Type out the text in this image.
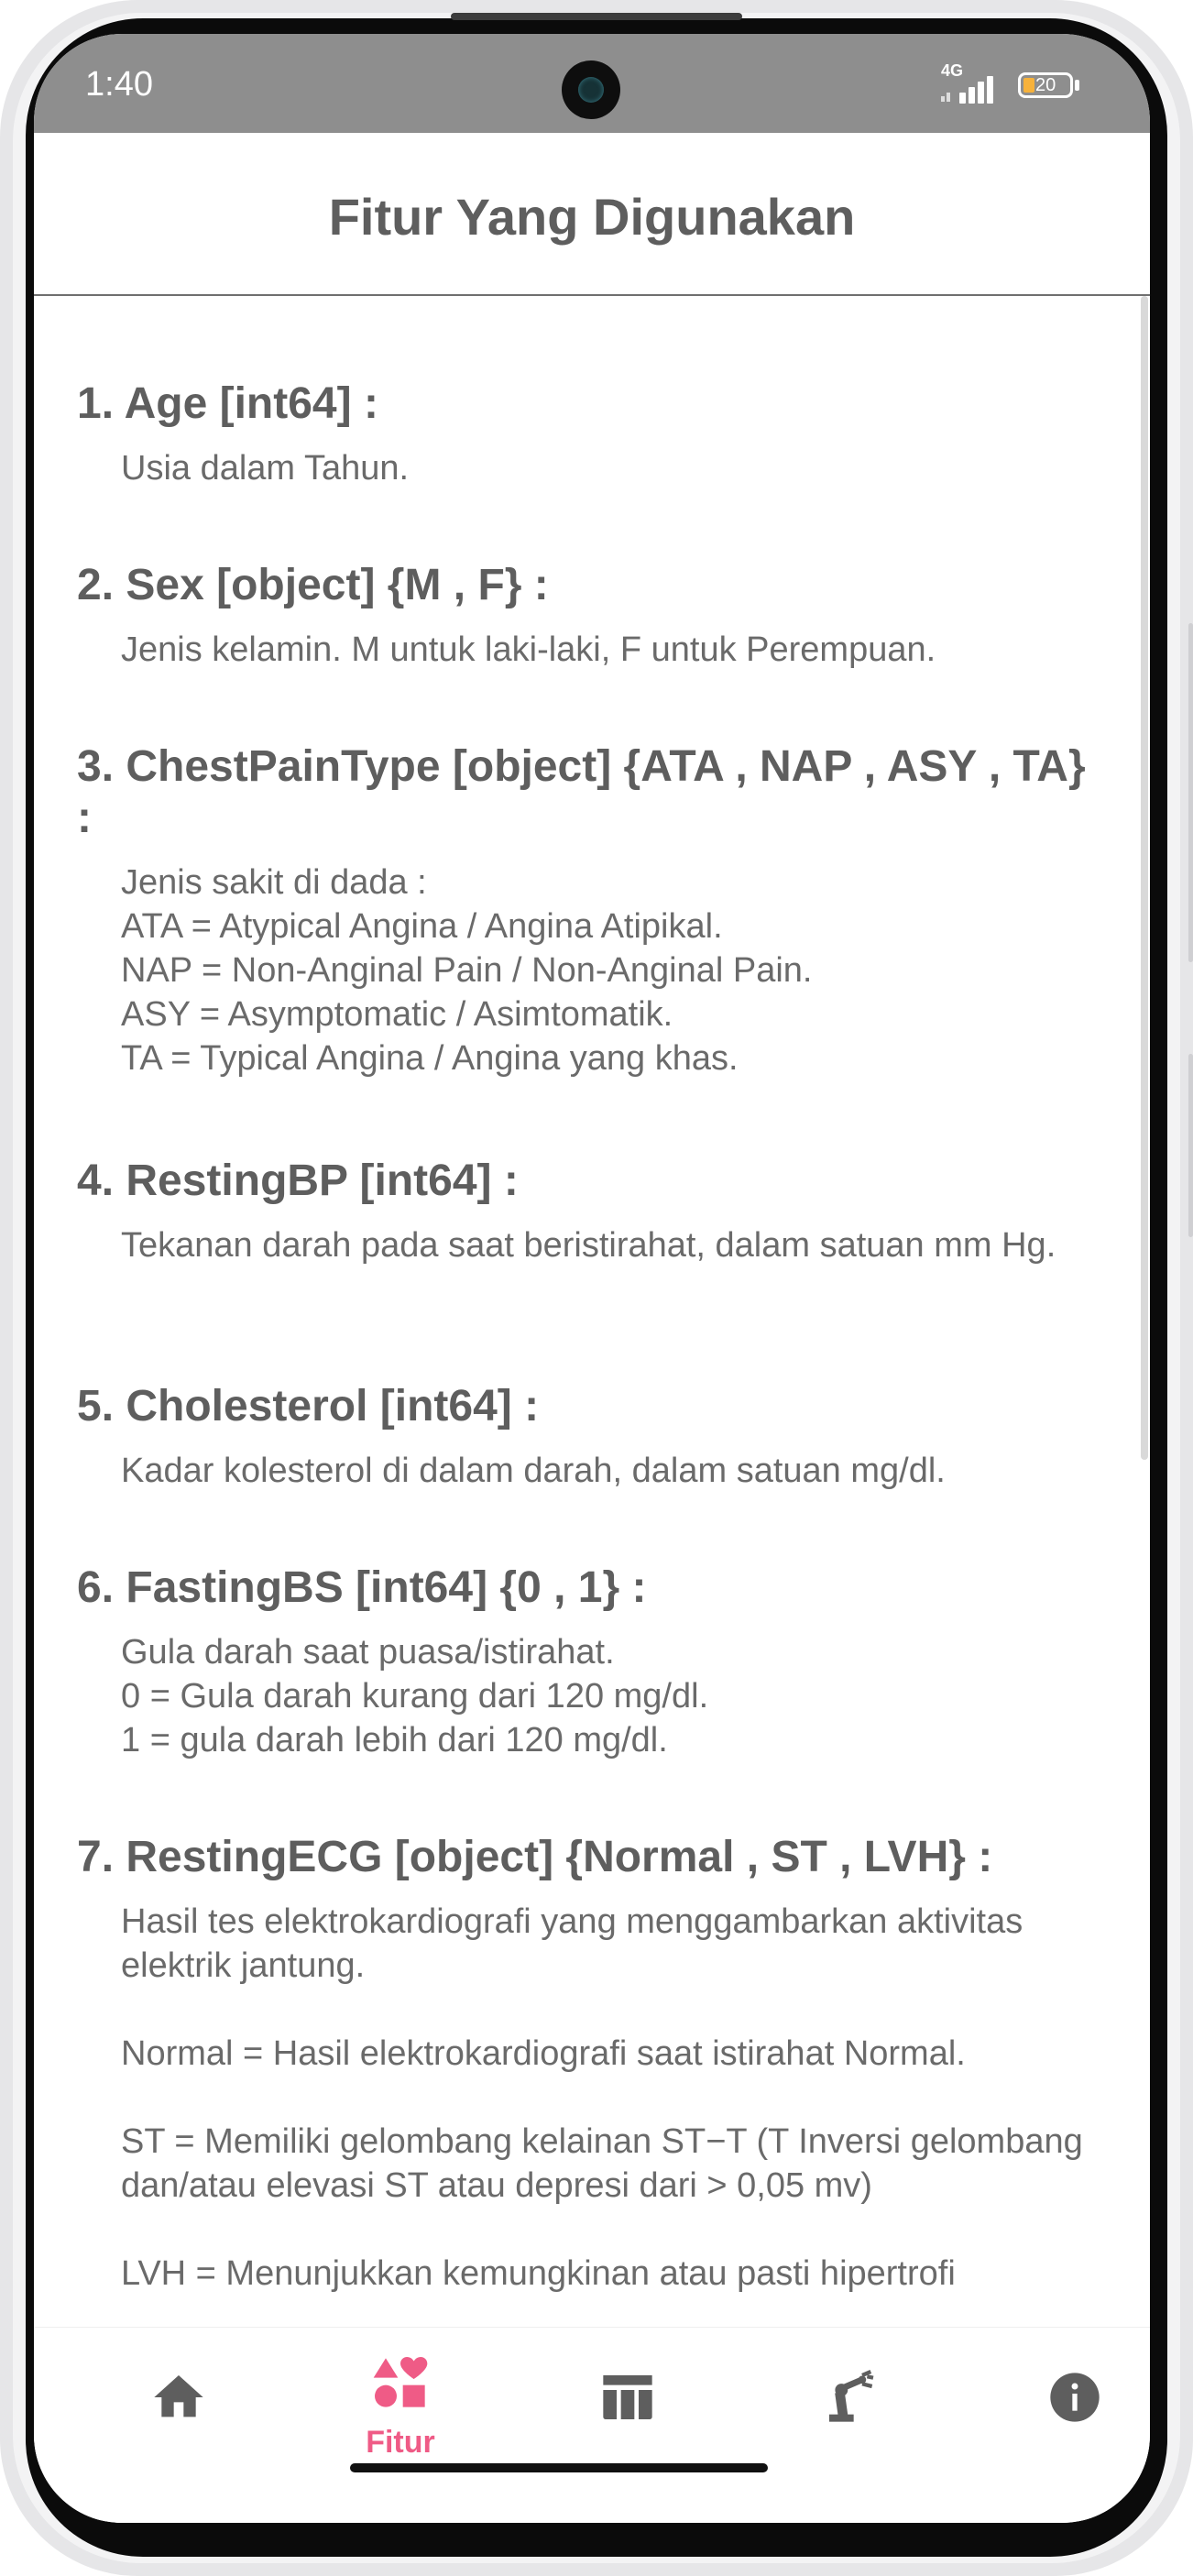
1:40	4G
20
Fitur Yang Digunakan
1. Age [int64] :

Usia dalam Tahun.

2. Sex [object] {M , F} :

Jenis kelamin. M untuk laki-laki, F untuk Perempuan.

3. ChestPainType [object] {ATA , NAP , ASY , TA} :

Jenis sakit di dada :

ATA = Atypical Angina / Angina Atipikal.

NAP = Non-Anginal Pain / Non-Anginal Pain.

ASY = Asymptomatic / Asimtomatik.

TA = Typical Angina / Angina yang khas.

4. RestingBP [int64] :

Tekanan darah pada saat beristirahat, dalam satuan mm Hg.

5. Cholesterol [int64] :

Kadar kolesterol di dalam darah, dalam satuan mg/dl.

6. FastingBS [int64] {0 , 1} :

Gula darah saat puasa/istirahat.

0 = Gula darah kurang dari 120 mg/dl.

1 = gula darah lebih dari 120 mg/dl.

7. RestingECG [object] {Normal , ST , LVH} :

Hasil tes elektrokardiografi yang menggambarkan aktivitas elektrik jantung.

Normal = Hasil elektrokardiografi saat istirahat Normal.

ST = Memiliki gelombang kelainan ST−T (T Inversi gelombang dan/atau elevasi ST atau depresi dari > 0,05 mv)

LVH = Menunjukkan kemungkinan atau pasti hipertrofi

Fitur
